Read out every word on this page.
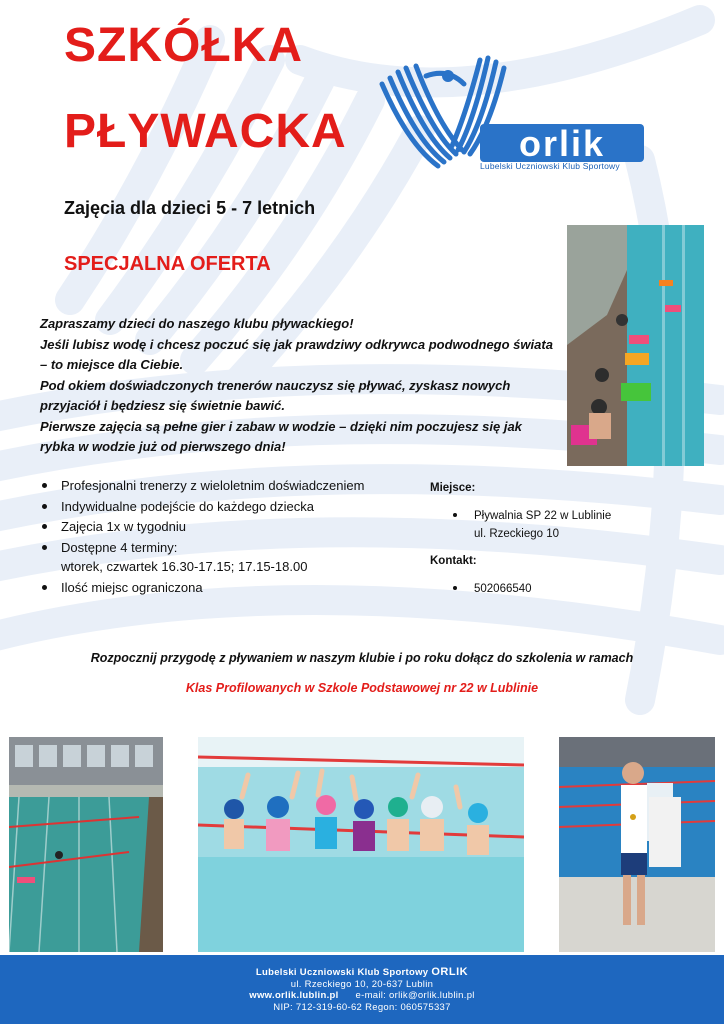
SZKÓŁKA
PŁYWACKA	orlik
Lubelski Uczniowski Klub Sportowy
Zajęcia dla dzieci 5 - 7 letnich
SPECJALNA OFERTA

Zapraszamy dzieci do naszego klubu pływackiego!

Jeśli lubisz wodę i chcesz poczuć się jak prawdziwy odkrywca podwodnego świata – to miejsce dla Ciebie.

Pod okiem doświadczonych trenerów nauczysz się pływać, zyskasz nowych przyjaciół i będziesz się świetnie bawić.

Pierwsze zajęcia są pełne gier i zabaw w wodzie – dzięki nim poczujesz się jak rybka w wodzie już od pierwszego dnia!

Profesjonalni trenerzy z wieloletnim doświadczeniem
Indywidualne podejście do każdego dziecka
Zajęcia 1x w tygodniu
Dostępne 4 terminy:
wtorek, czwartek 16.30-17.15; 17.15-18.00
Ilość miejsc ograniczona
Miejsce:
Pływalnia SP 22 w Lublinie
ul. Rzeckiego 10
Kontakt:
502066540
Rozpocznij przygodę z pływaniem w naszym klubie i po roku dołącz do szkolenia w ramach
Klas Profilowanych w Szkole Podstawowej nr 22 w Lublinie
Lubelski Uczniowski Klub Sportowy ORLIK
ul. Rzeckiego 10, 20-637 Lublin
www.orlik.lublin.pl e-mail: orlik@orlik.lublin.pl
NIP: 712-319-60-62 Regon: 060575337
